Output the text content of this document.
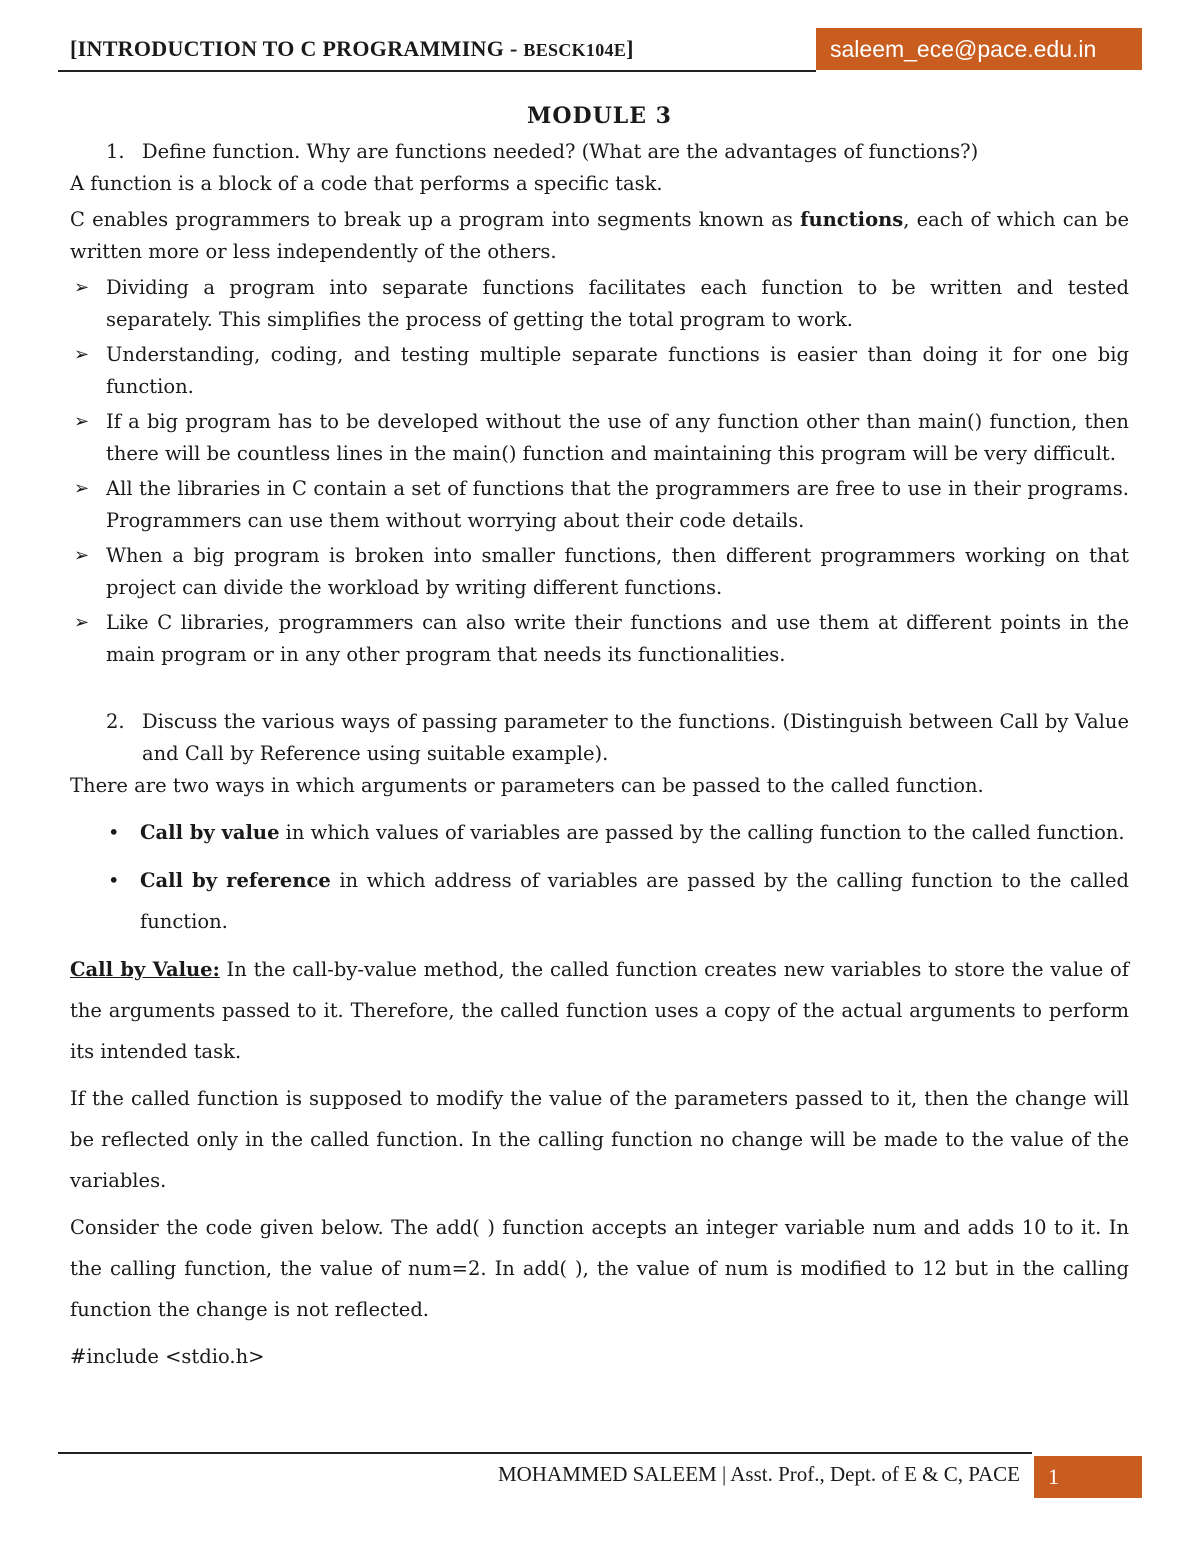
[INTRODUCTION TO C PROGRAMMING - BESCK104E]	saleem_ece@pace.edu.in
MODULE 3

1. Define function. Why are functions needed? (What are the advantages of functions?)

A function is a block of a code that performs a specific task.

C enables programmers to break up a program into segments known as functions, each of which can be written more or less independently of the others.

➢ Dividing a program into separate functions facilitates each function to be written and tested separately. This simplifies the process of getting the total program to work.
➢ Understanding, coding, and testing multiple separate functions is easier than doing it for one big function.
➢ If a big program has to be developed without the use of any function other than main() function, then there will be countless lines in the main() function and maintaining this program will be very difficult.
➢ All the libraries in C contain a set of functions that the programmers are free to use in their programs. Programmers can use them without worrying about their code details.
➢ When a big program is broken into smaller functions, then different programmers working on that project can divide the workload by writing different functions.
➢ Like C libraries, programmers can also write their functions and use them at different points in the main program or in any other program that needs its functionalities.

2. Discuss the various ways of passing parameter to the functions. (Distinguish between Call by Value and Call by Reference using suitable example).

There are two ways in which arguments or parameters can be passed to the called function.

• Call by value in which values of variables are passed by the calling function to the called function.
• Call by reference in which address of variables are passed by the calling function to the called function.

Call by Value: In the call-by-value method, the called function creates new variables to store the value of the arguments passed to it. Therefore, the called function uses a copy of the actual arguments to perform its intended task.

If the called function is supposed to modify the value of the parameters passed to it, then the change will be reflected only in the called function. In the calling function no change will be made to the value of the variables.

Consider the code given below. The add( ) function accepts an integer variable num and adds 10 to it. In the calling function, the value of num=2. In add( ), the value of num is modified to 12 but in the calling function the change is not reflected.

#include <stdio.h>

MOHAMMED SALEEM | Asst. Prof., Dept. of E & C, PACE	1
